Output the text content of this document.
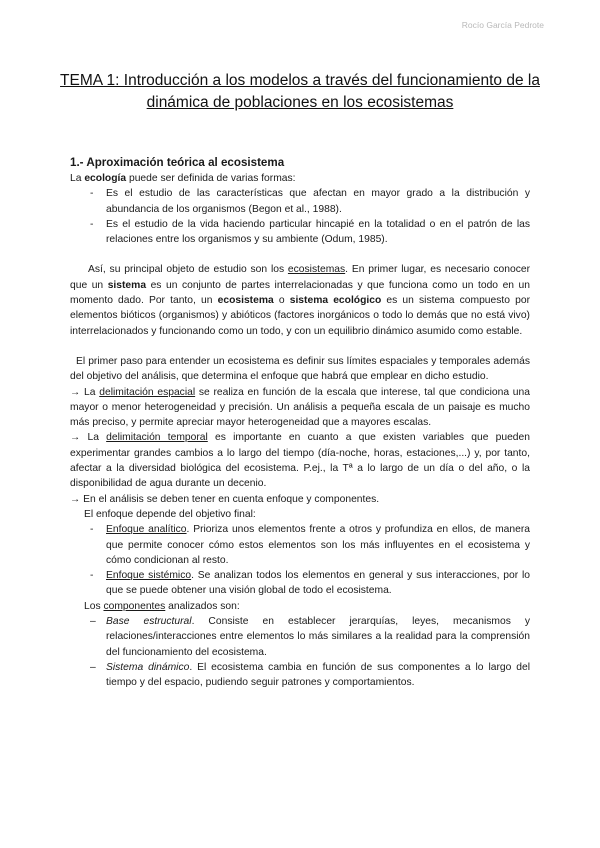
Rocío García Pedrote
TEMA 1: Introducción a los modelos a través del funcionamiento de la dinámica de poblaciones en los ecosistemas
1.- Aproximación teórica al ecosistema

La ecología puede ser definida de varias formas:

- Es el estudio de las características que afectan en mayor grado a la distribución y abundancia de los organismos (Begon et al., 1988).
- Es el estudio de la vida haciendo particular hincapié en la totalidad o en el patrón de las relaciones entre los organismos y su ambiente (Odum, 1985).

Así, su principal objeto de estudio son los ecosistemas. En primer lugar, es necesario conocer que un sistema es un conjunto de partes interrelacionadas y que funciona como un todo en un momento dado. Por tanto, un ecosistema o sistema ecológico es un sistema compuesto por elementos bióticos (organismos) y abióticos (factores inorgánicos o todo lo demás que no está vivo) interrelacionados y funcionando como un todo, y con un equilibrio dinámico asumido como estable.

El primer paso para entender un ecosistema es definir sus límites espaciales y temporales además del objetivo del análisis, que determina el enfoque que habrá que emplear en dicho estudio.

→ La delimitación espacial se realiza en función de la escala que interese, tal que condiciona una mayor o menor heterogeneidad y precisión. Un análisis a pequeña escala de un paisaje es mucho más preciso, y permite apreciar mayor heterogeneidad que a mayores escalas.

→ La delimitación temporal es importante en cuanto a que existen variables que pueden experimentar grandes cambios a lo largo del tiempo (día-noche, horas, estaciones,...) y, por tanto, afectar a la diversidad biológica del ecosistema. P.ej., la Tª a lo largo de un día o del año, o la disponibilidad de agua durante un decenio.

→ En el análisis se deben tener en cuenta enfoque y componentes.

El enfoque depende del objetivo final:

- Enfoque analítico. Prioriza unos elementos frente a otros y profundiza en ellos, de manera que permite conocer cómo estos elementos son los más influyentes en el ecosistema y cómo condicionan al resto.
- Enfoque sistémico. Se analizan todos los elementos en general y sus interacciones, por lo que se puede obtener una visión global de todo el ecosistema.

Los componentes analizados son:

– Base estructural. Consiste en establecer jerarquías, leyes, mecanismos y relaciones/interacciones entre elementos lo más similares a la realidad para la comprensión del funcionamiento del ecosistema.
– Sistema dinámico. El ecosistema cambia en función de sus componentes a lo largo del tiempo y del espacio, pudiendo seguir patrones y comportamientos.
